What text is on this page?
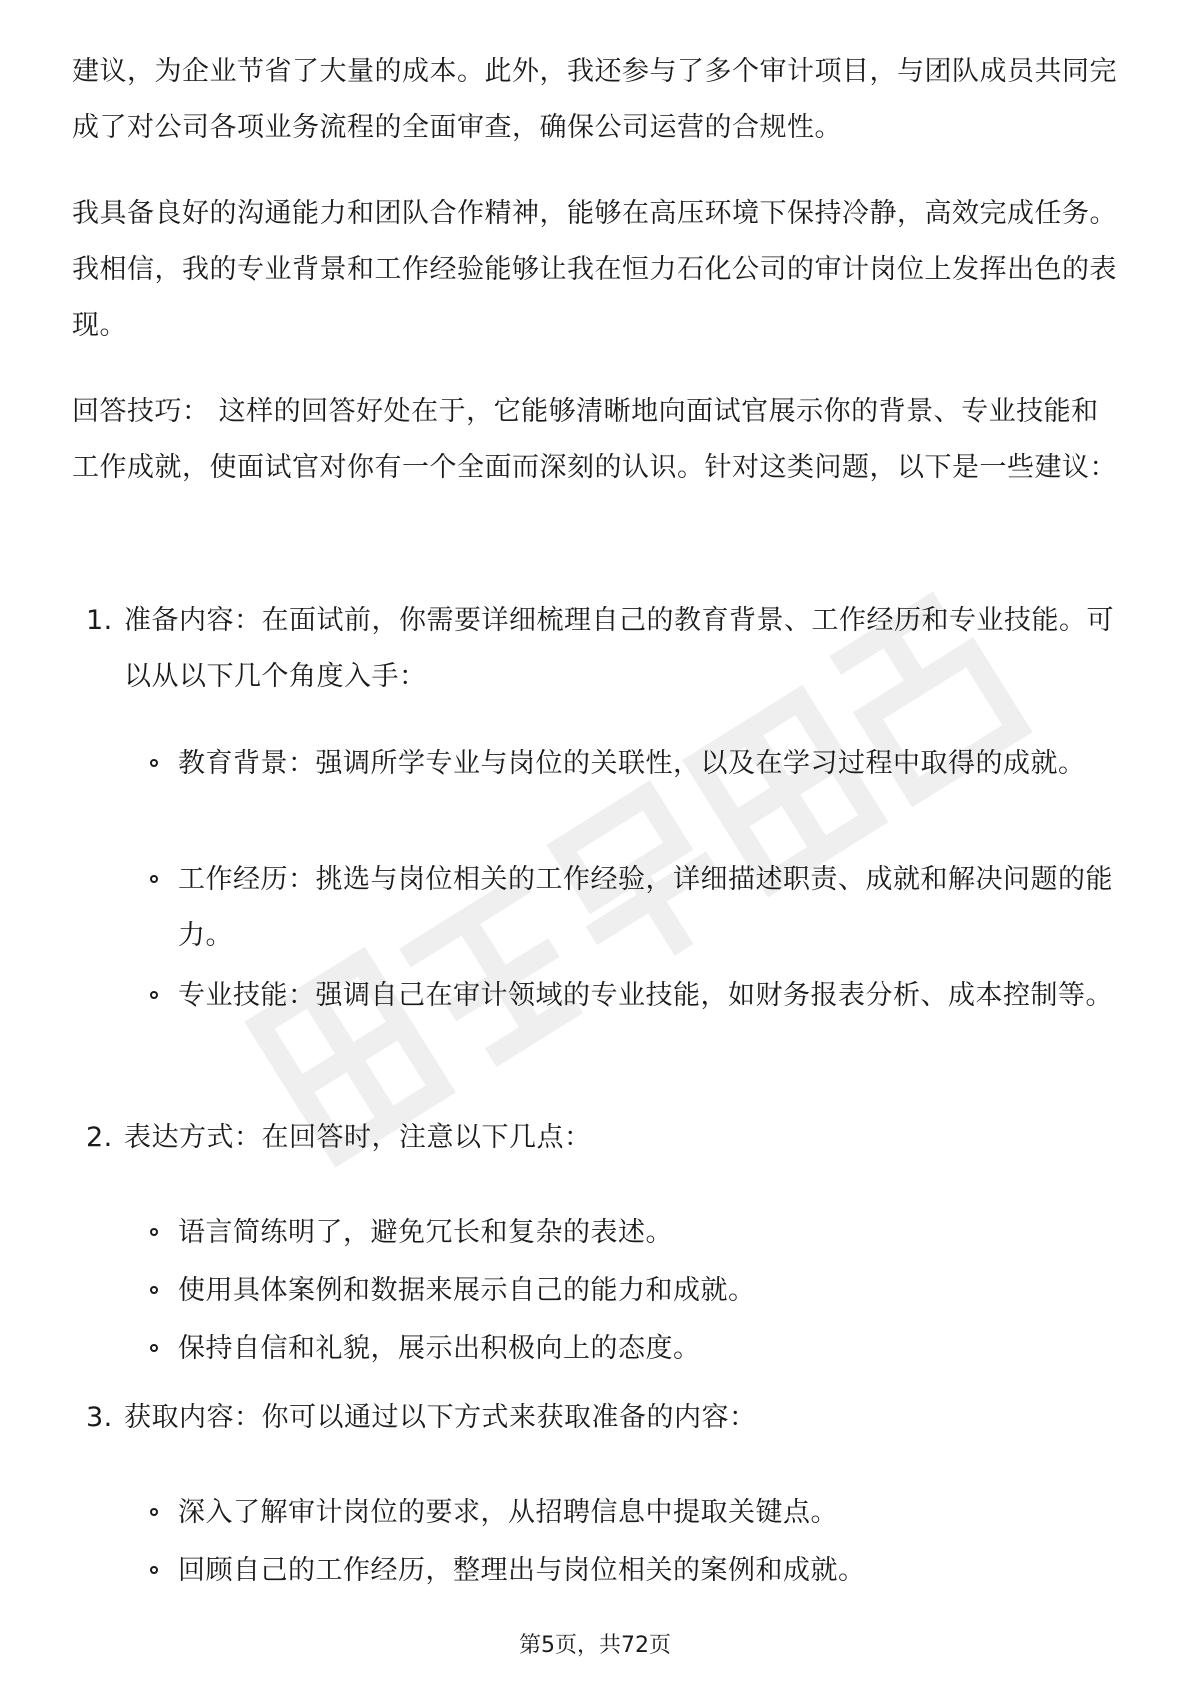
建议，为企业节省了大量的成本。此外，我还参与了多个审计项目，与团队成员共同完成了对公司各项业务流程的全面审查，确保公司运营的合规性。

我具备良好的沟通能力和团队合作精神，能够在高压环境下保持冷静，高效完成任务。我相信，我的专业背景和工作经验能够让我在恒力石化公司的审计岗位上发挥出色的表现。

回答技巧： 这样的回答好处在于，它能够清晰地向面试官展示你的背景、专业技能和工作成就，使面试官对你有一个全面而深刻的认识。针对这类问题，以下是一些建议：

1. 准备内容：在面试前，你需要详细梳理自己的教育背景、工作经历和专业技能。可以从以下几个角度入手：
教育背景：强调所学专业与岗位的关联性，以及在学习过程中取得的成就。
工作经历：挑选与岗位相关的工作经验，详细描述职责、成就和解决问题的能力。
专业技能：强调自己在审计领域的专业技能，如财务报表分析、成本控制等。
2. 表达方式：在回答时，注意以下几点：
语言简练明了，避免冗长和复杂的表述。
使用具体案例和数据来展示自己的能力和成就。
保持自信和礼貌，展示出积极向上的态度。
3. 获取内容：你可以通过以下方式来获取准备的内容：
深入了解审计岗位的要求，从招聘信息中提取关键点。
回顾自己的工作经历，整理出与岗位相关的案例和成就。
第5页，共72页
